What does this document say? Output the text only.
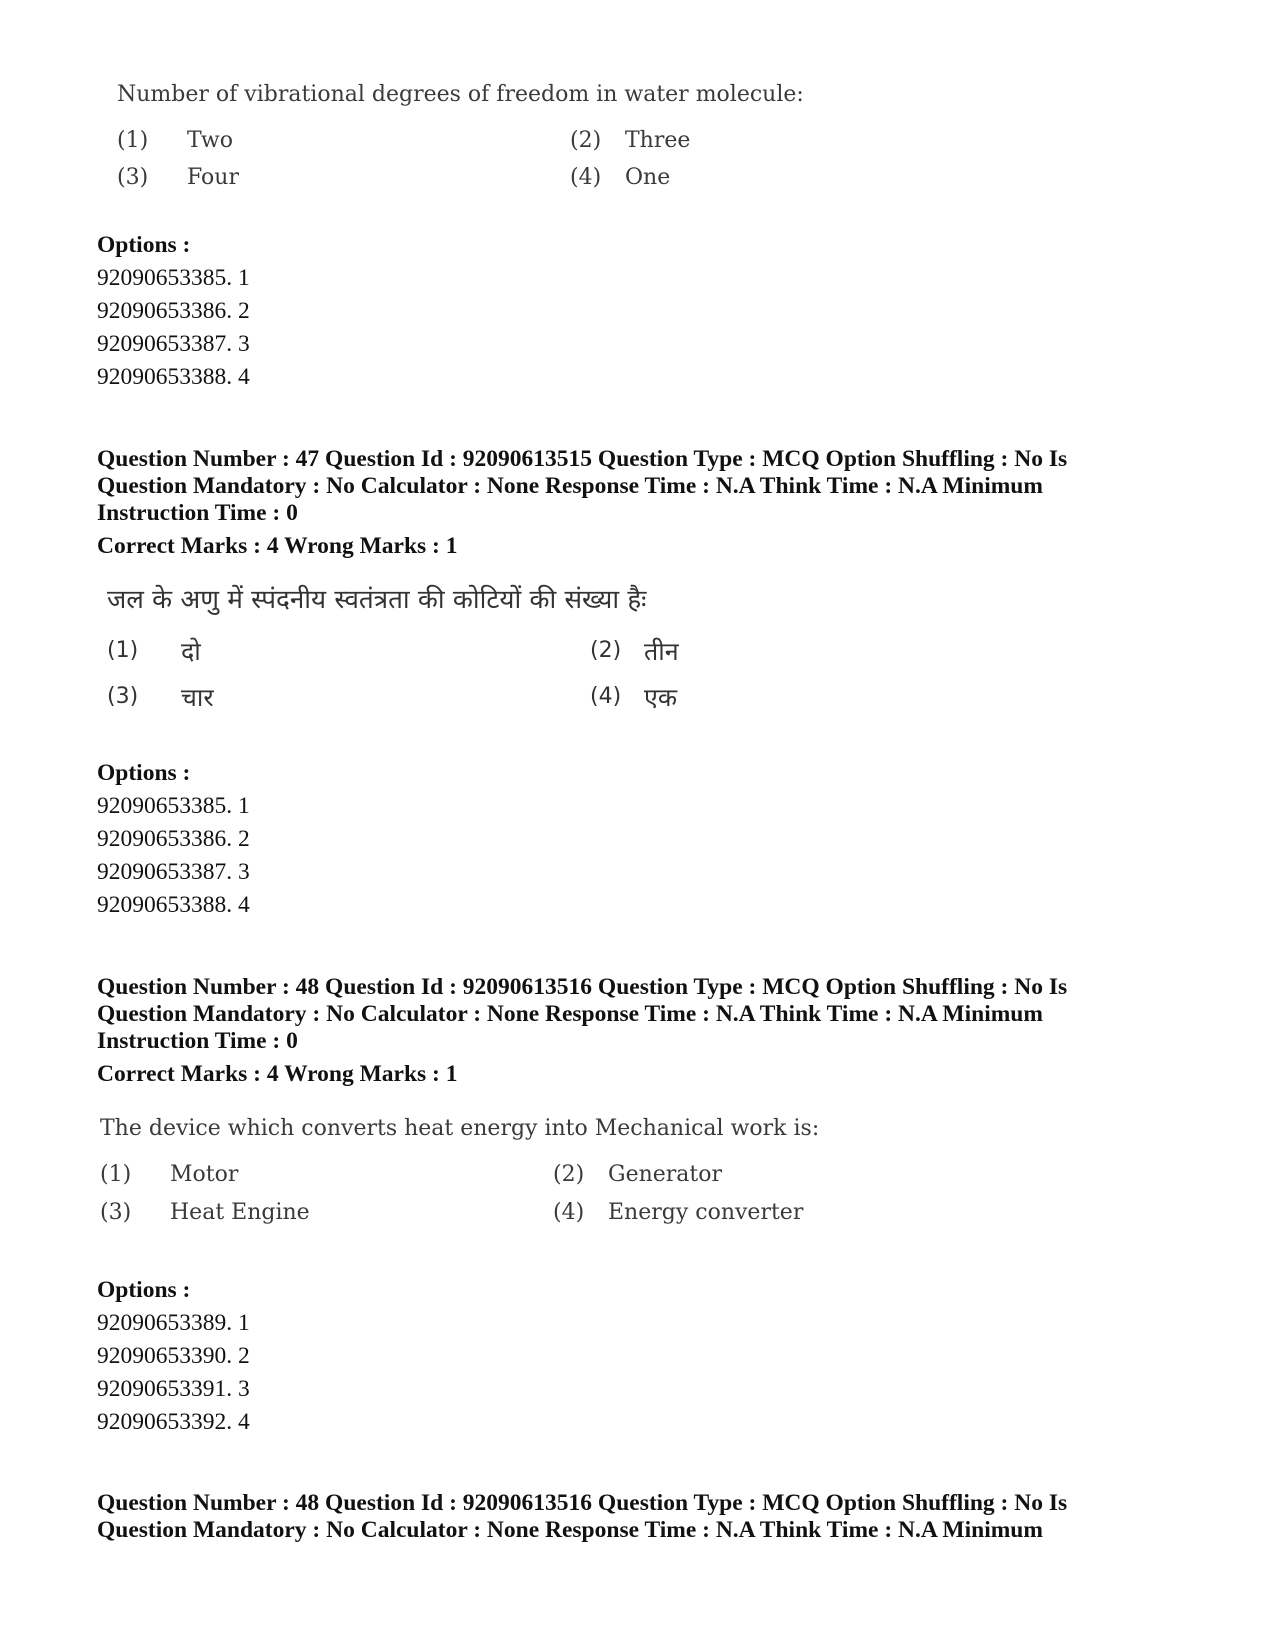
Number of vibrational degrees of freedom in water molecule:
(1) Two	(2) Three
(3) Four	(4) One
Options :
92090653385. 1
92090653386. 2
92090653387. 3
92090653388. 4
Question Number : 47 Question Id : 92090613515 Question Type : MCQ Option Shuffling : No Is
Question Mandatory : No Calculator : None Response Time : N.A Think Time : N.A Minimum
Instruction Time : 0
Correct Marks : 4 Wrong Marks : 1
जल के अणु में स्पंदनीय स्वतंत्रता की कोटियों की संख्या हैः
(1) दो	(2) तीन
(3) चार	(4) एक
Options :
92090653385. 1
92090653386. 2
92090653387. 3
92090653388. 4
Question Number : 48 Question Id : 92090613516 Question Type : MCQ Option Shuffling : No Is
Question Mandatory : No Calculator : None Response Time : N.A Think Time : N.A Minimum
Instruction Time : 0
Correct Marks : 4 Wrong Marks : 1
The device which converts heat energy into Mechanical work is:
(1) Motor	(2) Generator
(3) Heat Engine	(4) Energy converter
Options :
92090653389. 1
92090653390. 2
92090653391. 3
92090653392. 4
Question Number : 48 Question Id : 92090613516 Question Type : MCQ Option Shuffling : No Is
Question Mandatory : No Calculator : None Response Time : N.A Think Time : N.A Minimum
